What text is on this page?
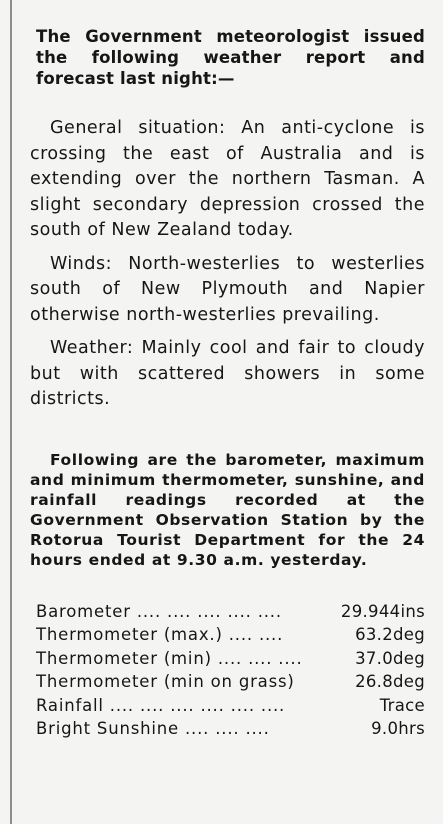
The Government meteorologist issued the following weather report and forecast last night:—

General situation: An anti-cyclone is crossing the east of Australia and is extending over the northern Tasman. A slight secondary depression crossed the south of New Zealand today.

Winds: North-westerlies to westerlies south of New Plymouth and Napier otherwise north-westerlies prevailing.

Weather: Mainly cool and fair to cloudy but with scattered showers in some districts.

Following are the barometer, maximum and minimum thermometer, sunshine, and rainfall readings recorded at the Government Observation Station by the Rotorua Tourist Department for the 24 hours ended at 9.30 a.m. yesterday.

Barometer .... .... .... .... ....	29.944ins
Thermometer (max.) .... ....	63.2deg
Thermometer (min) .... .... ....	37.0deg
Thermometer (min on grass)	26.8deg
Rainfall .... .... .... .... .... ....	Trace
Bright Sunshine .... .... ....	9.0hrs
